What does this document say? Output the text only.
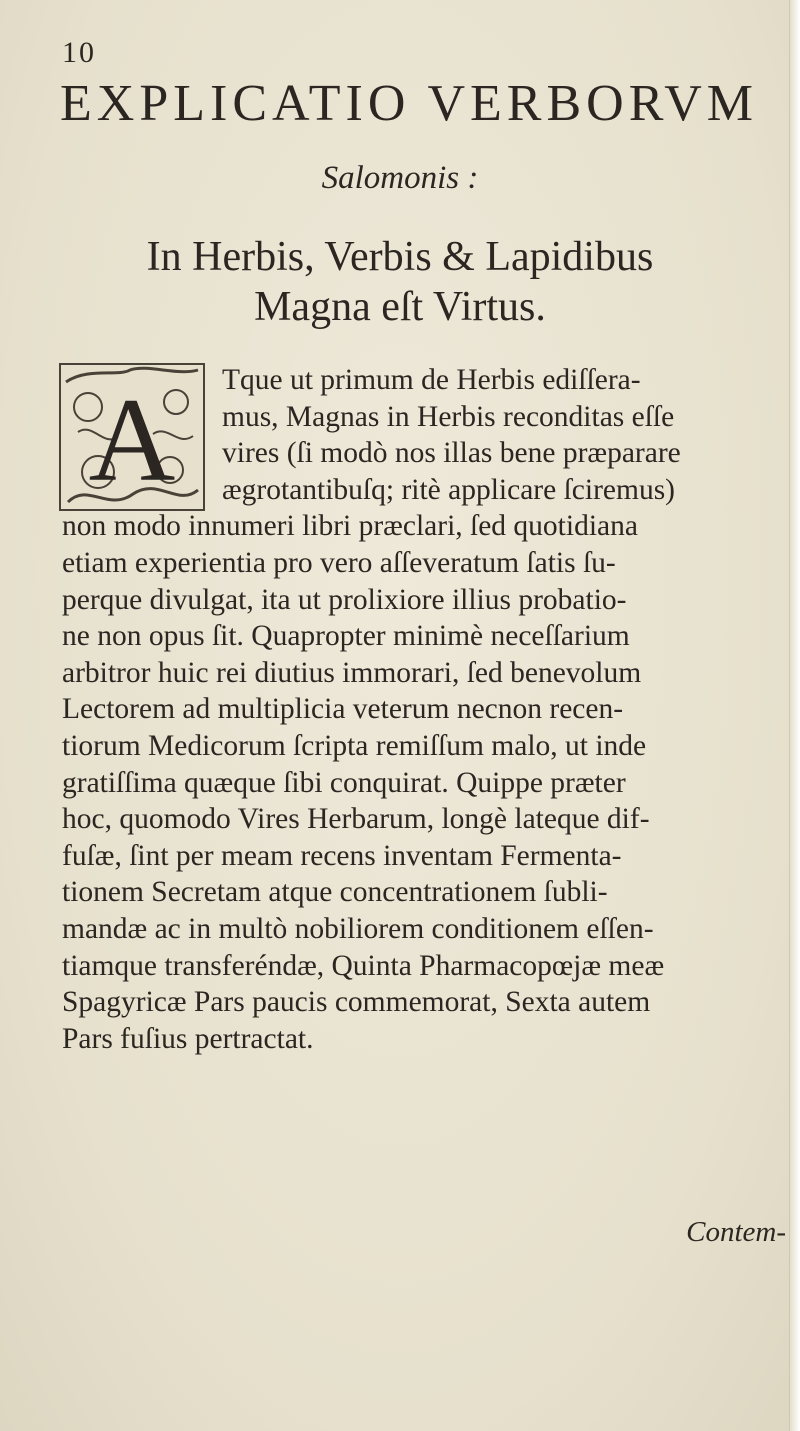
10
EXPLICATIO VERBORVM
Salomonis :
In Herbis, Verbis & Lapidibus
Magna eſt Virtus.
A	Tque ut primum de Herbis ediſſera-
mus, Magnas in Herbis reconditas eſſe
vires (ſi modò nos illas bene præparare
ægrotantibuſq; ritè applicare ſciremus)
non modo innumeri libri præclari, ſed quotidiana
etiam experientia pro vero aſſeveratum ſatis ſu-
perque divulgat, ita ut prolixiore illius probatio-
ne non opus ſit. Quapropter minimè neceſſarium
arbitror huic rei diutius immorari, ſed benevolum
Lectorem ad multiplicia veterum necnon recen-
tiorum Medicorum ſcripta remiſſum malo, ut inde
gratiſſima quæque ſibi conquirat. Quippe præter
hoc, quomodo Vires Herbarum, longè lateque dif-
fuſæ, ſint per meam recens inventam Fermenta-
tionem Secretam atque concentrationem ſubli-
mandæ ac in multò nobiliorem conditionem eſſen-
tiamque transferéndæ, Quinta Pharmacopœjæ meæ
Spagyricæ Pars paucis commemorat, Sexta autem
Pars fuſius pertractat.
Contem-
